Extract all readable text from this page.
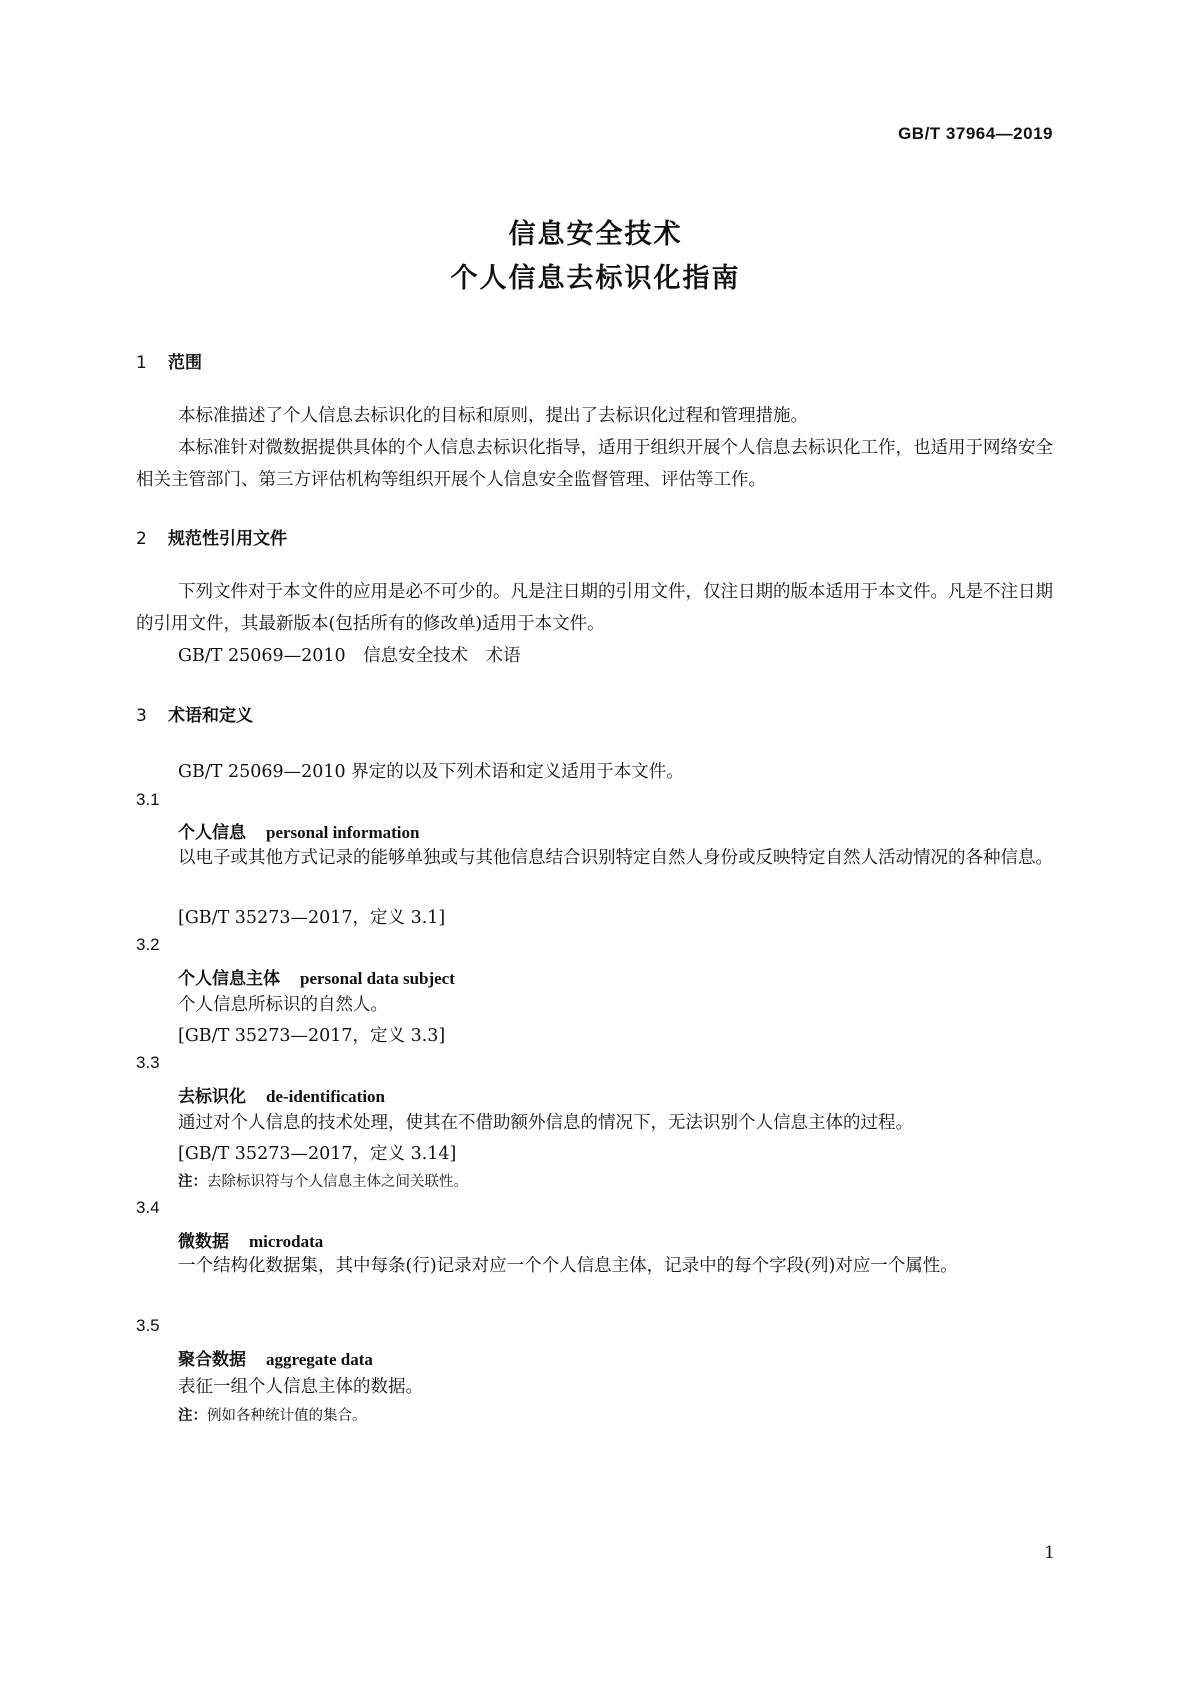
GB/T 37964—2019
信息安全技术
个人信息去标识化指南
1 范围
本标准描述了个人信息去标识化的目标和原则，提出了去标识化过程和管理措施。
本标准针对微数据提供具体的个人信息去标识化指导，适用于组织开展个人信息去标识化工作，也适用于网络安全相关主管部门、第三方评估机构等组织开展个人信息安全监督管理、评估等工作。
2 规范性引用文件
下列文件对于本文件的应用是必不可少的。凡是注日期的引用文件，仅注日期的版本适用于本文件。凡是不注日期的引用文件，其最新版本(包括所有的修改单)适用于本文件。
GB/T 25069—2010　信息安全技术　术语
3 术语和定义
GB/T 25069—2010 界定的以及下列术语和定义适用于本文件。
3.1
个人信息 personal information
以电子或其他方式记录的能够单独或与其他信息结合识别特定自然人身份或反映特定自然人活动情况的各种信息。
[GB/T 35273—2017，定义 3.1]
3.2
个人信息主体 personal data subject
个人信息所标识的自然人。
[GB/T 35273—2017，定义 3.3]
3.3
去标识化 de-identification
通过对个人信息的技术处理，使其在不借助额外信息的情况下，无法识别个人信息主体的过程。
[GB/T 35273—2017，定义 3.14]
注：去除标识符与个人信息主体之间关联性。
3.4
微数据 microdata
一个结构化数据集，其中每条(行)记录对应一个个人信息主体，记录中的每个字段(列)对应一个属性。
3.5
聚合数据 aggregate data
表征一组个人信息主体的数据。
注：例如各种统计值的集合。
1
